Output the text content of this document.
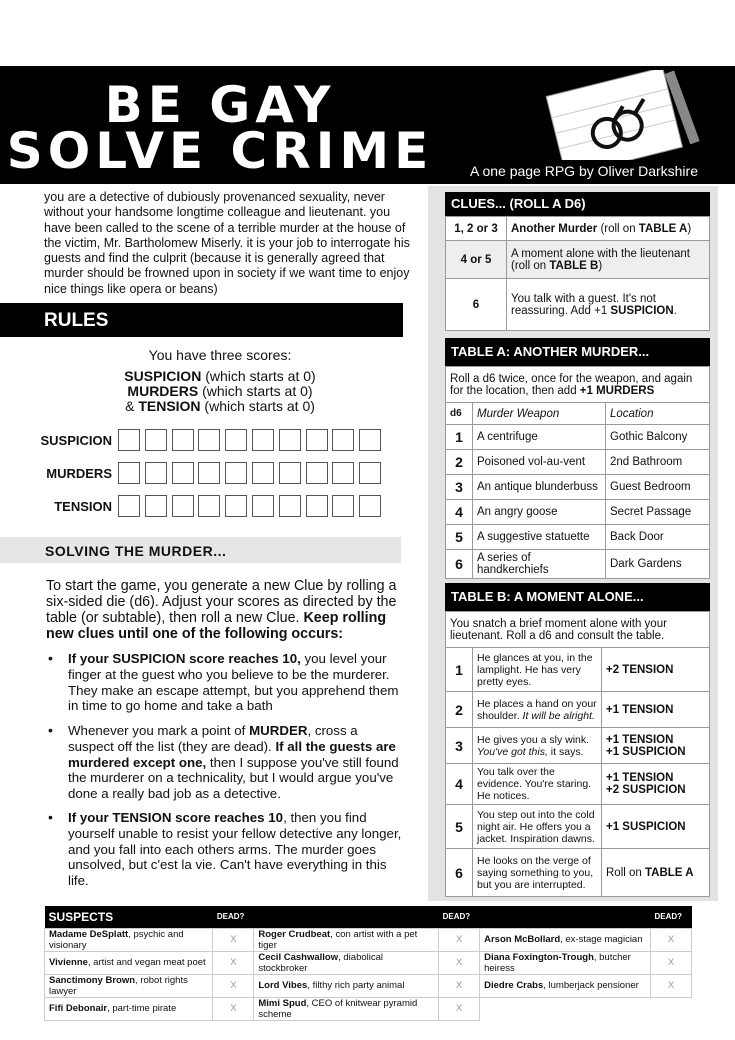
BE GAY
SOLVE CRIME	A one page RPG by Oliver Darkshire
you are a detective of dubiously provenanced sexuality, never without your handsome longtime colleague and lieutenant. you have been called to the scene of a terrible murder at the house of the victim, Mr. Bartholomew Miserly. it is your job to interrogate his guests and find the culprit (because it is generally agreed that murder should be frowned upon in society if we want time to enjoy nice things like opera or beans)
RULES
You have three scores:
SUSPICION (which starts at 0)
MURDERS (which starts at 0)
& TENSION (which starts at 0)
SUSPICION
MURDERS
TENSION
SOLVING THE MURDER...
To start the game, you generate a new Clue by rolling a six-sided die (d6). Adjust your scores as directed by the table (or subtable), then roll a new Clue. Keep rolling new clues until one of the following occurs:
• If your SUSPICION score reaches 10, you level your finger at the guest who you believe to be the murderer. They make an escape attempt, but you apprehend them in time to go home and take a bath
• Whenever you mark a point of MURDER, cross a suspect off the list (they are dead). If all the guests are murdered except one, then I suppose you've still found the murderer on a technicality, but I would argue you've done a really bad job as a detective.
• If your TENSION score reaches 10, then you find yourself unable to resist your fellow detective any longer, and you fall into each others arms. The murder goes unsolved, but c'est la vie. Can't have everything in this life.
CLUES... (ROLL A D6)
1, 2 or 3	Another Murder (roll on TABLE A)
4 or 5	A moment alone with the lieutenant (roll on TABLE B)
6	You talk with a guest. It's not reassuring. Add +1 SUSPICION.
TABLE A: ANOTHER MURDER...
Roll a d6 twice, once for the weapon, and again for the location, then add +1 MURDERS		
d6	Murder Weapon	Location
1	A centrifuge	Gothic Balcony
2	Poisoned vol-au-vent	2nd Bathroom
3	An antique blunderbuss	Guest Bedroom
4	An angry goose	Secret Passage
5	A suggestive statuette	Back Door
6	A series of handkerchiefs	Dark Gardens
TABLE B: A MOMENT ALONE...
You snatch a brief moment alone with your lieutenant. Roll a d6 and consult the table.		
1	He glances at you, in the lamplight. He has very pretty eyes.	+2 TENSION
2	He places a hand on your shoulder. It will be alright.	+1 TENSION
3	He gives you a sly wink. You've got this, it says.	+1 TENSION
+1 SUSPICION
4	You talk over the evidence. You're staring. He notices.	+1 TENSION
+2 SUSPICION
5	You step out into the cold night air. He offers you a jacket. Inspiration dawns.	+1 SUSPICION
6	He looks on the verge of saying something to you, but you are interrupted.	Roll on TABLE A
SUSPECTS	DEAD?		DEAD?		DEAD?
Madame DeSplatt, psychic and visionary	X	Roger Crudbeat, con artist with a pet tiger	X	Arson McBollard, ex-stage magician	X
Vivienne, artist and vegan meat poet	X	Cecil Cashwallow, diabolical stockbroker	X	Diana Foxington-Trough, butcher heiress	X
Sanctimony Brown, robot rights lawyer	X	Lord Vibes, filthy rich party animal	X	Diedre Crabs, lumberjack pensioner	X
Fifi Debonair, part-time pirate	X	Mimi Spud, CEO of knitwear pyramid scheme	X		
